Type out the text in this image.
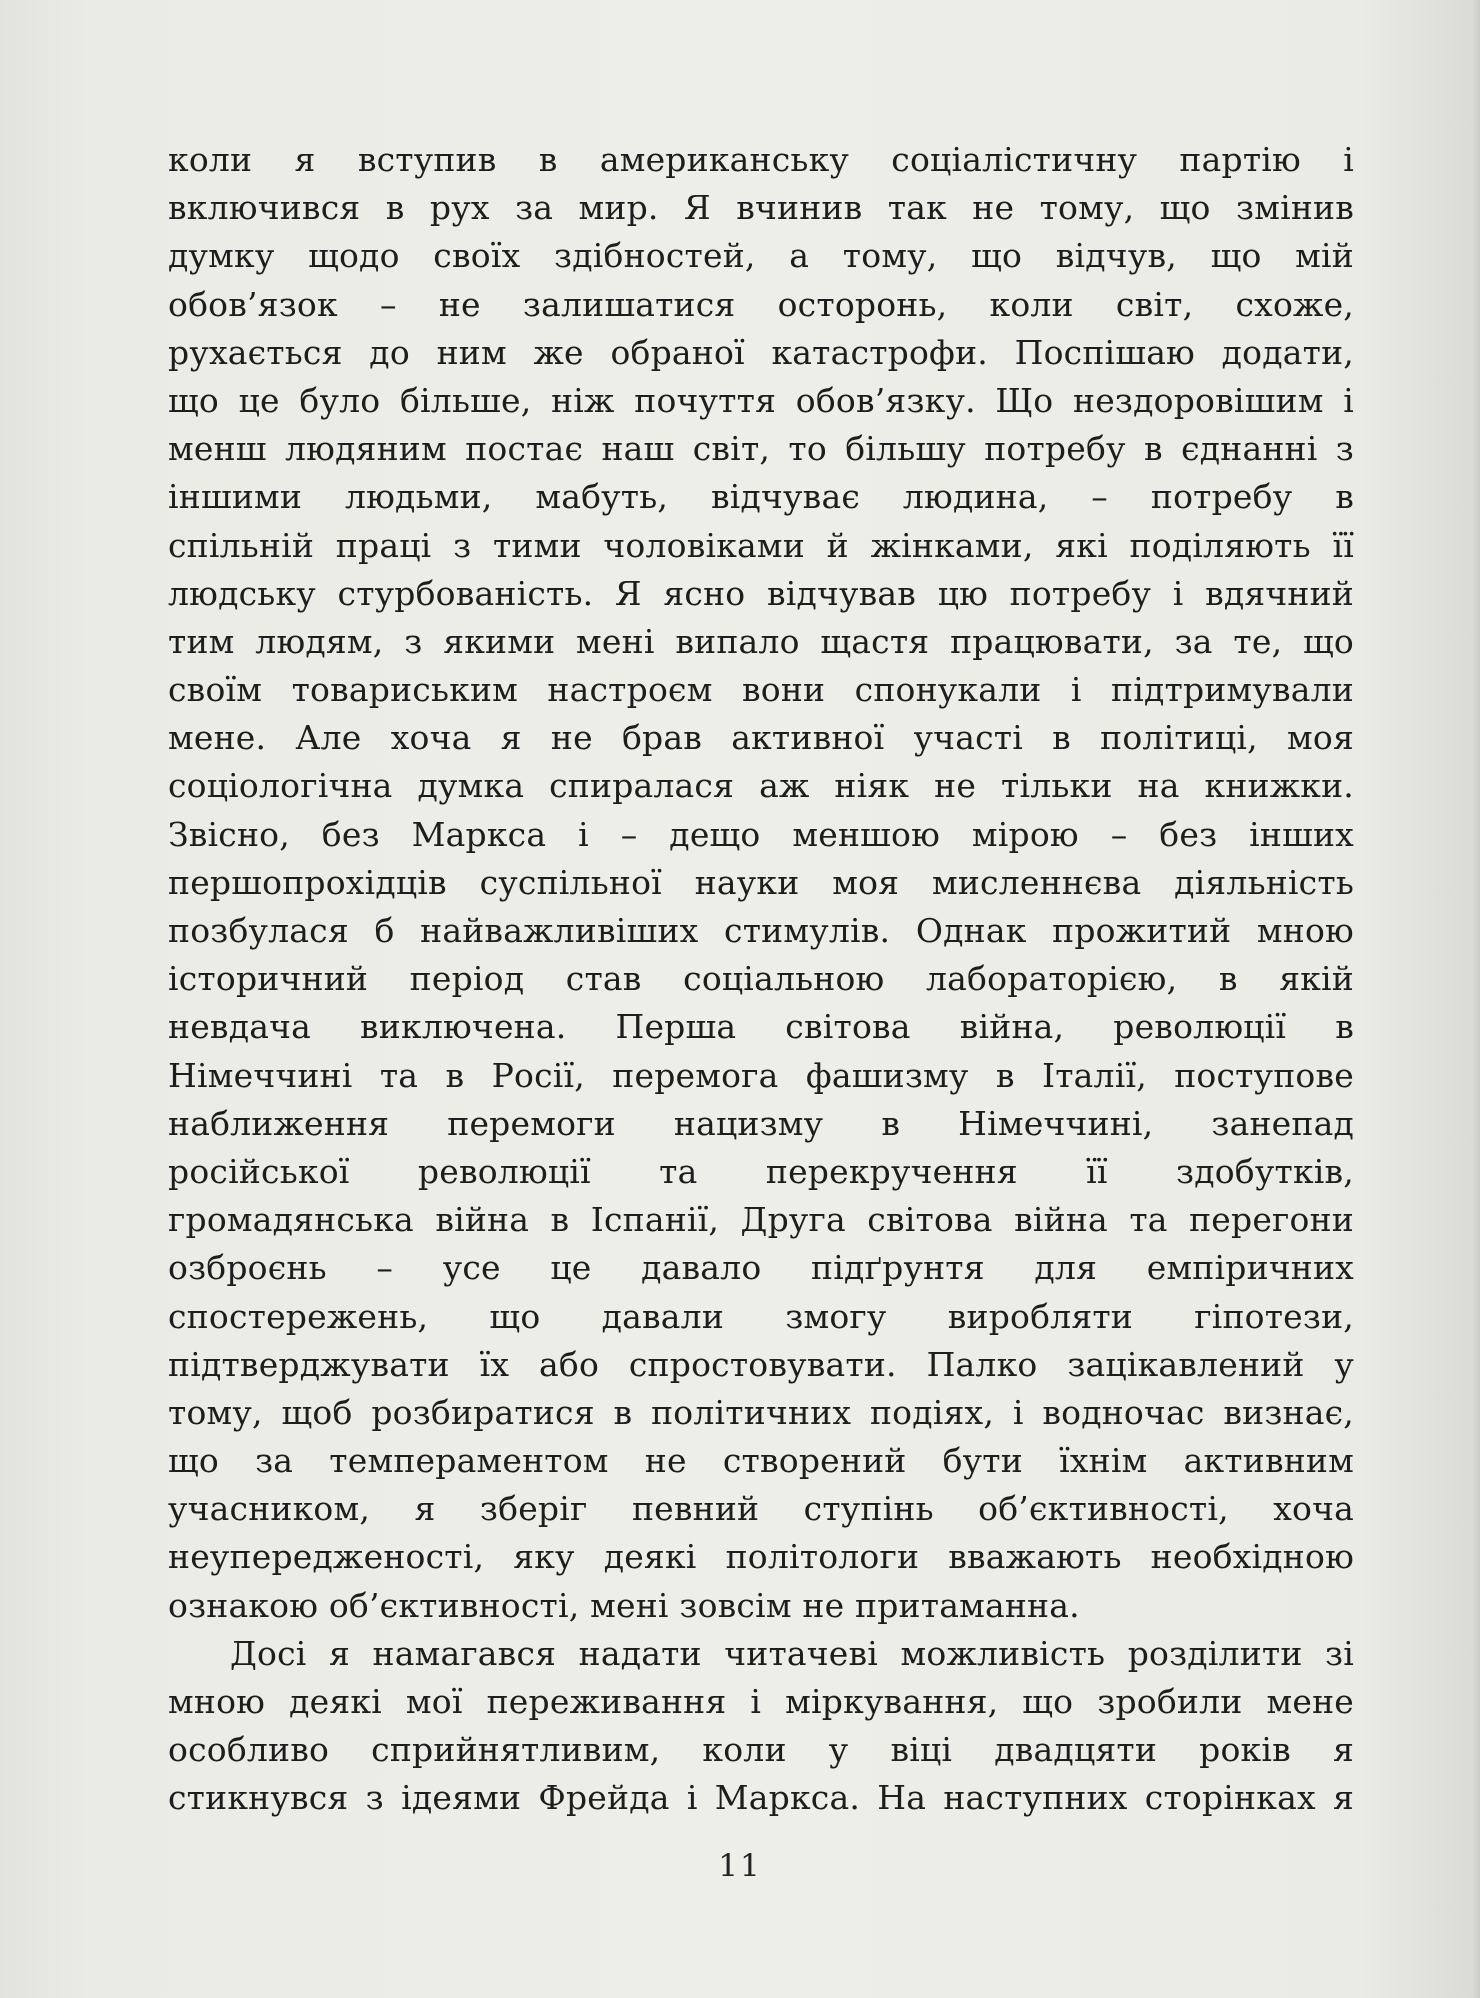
коли я вступив в американську соціалістичну партію і
включився в рух за мир. Я вчинив так не тому, що змінив
думку щодо своїх здібностей, а тому, що відчув, що мій
обов’язок – не залишатися осторонь, коли світ, схоже,
рухається до ним же обраної катастрофи. Поспішаю додати,
що це було більше, ніж почуття обов’язку. Що нездоровішим і
менш людяним постає наш світ, то більшу потребу в єднанні з
іншими людьми, мабуть, відчуває людина, – потребу в
спільній праці з тими чоловіками й жінками, які поділяють її
людську стурбованість. Я ясно відчував цю потребу і вдячний
тим людям, з якими мені випало щастя працювати, за те, що
своїм товариським настроєм вони спонукали і підтримували
мене. Але хоча я не брав активної участі в політиці, моя
соціологічна думка спиралася аж ніяк не тільки на книжки.
Звісно, без Маркса і – дещо меншою мірою – без інших
першопрохідців суспільної науки моя мисленнєва діяльність
позбулася б найважливіших стимулів. Однак прожитий мною
історичний період став соціальною лабораторією, в якій
невдача виключена. Перша світова війна, революції в
Німеччині та в Росії, перемога фашизму в Італії, поступове
наближення перемоги нацизму в Німеччині, занепад
російської революції та перекручення її здобутків,
громадянська війна в Іспанії, Друга світова війна та перегони
озброєнь – усе це давало підґрунтя для емпіричних
спостережень, що давали змогу виробляти гіпотези,
підтверджувати їх або спростовувати. Палко зацікавлений у
тому, щоб розбиратися в політичних подіях, і водночас визнає,
що за темпераментом не створений бути їхнім активним
учасником, я зберіг певний ступінь об’єктивності, хоча
неупередженості, яку деякі політологи вважають необхідною
ознакою об’єктивності, мені зовсім не притаманна.
Досі я намагався надати читачеві можливість розділити зі
мною деякі мої переживання і міркування, що зробили мене
особливо сприйнятливим, коли у віці двадцяти років я
стикнувся з ідеями Фрейда і Маркса. На наступних сторінках я
11
